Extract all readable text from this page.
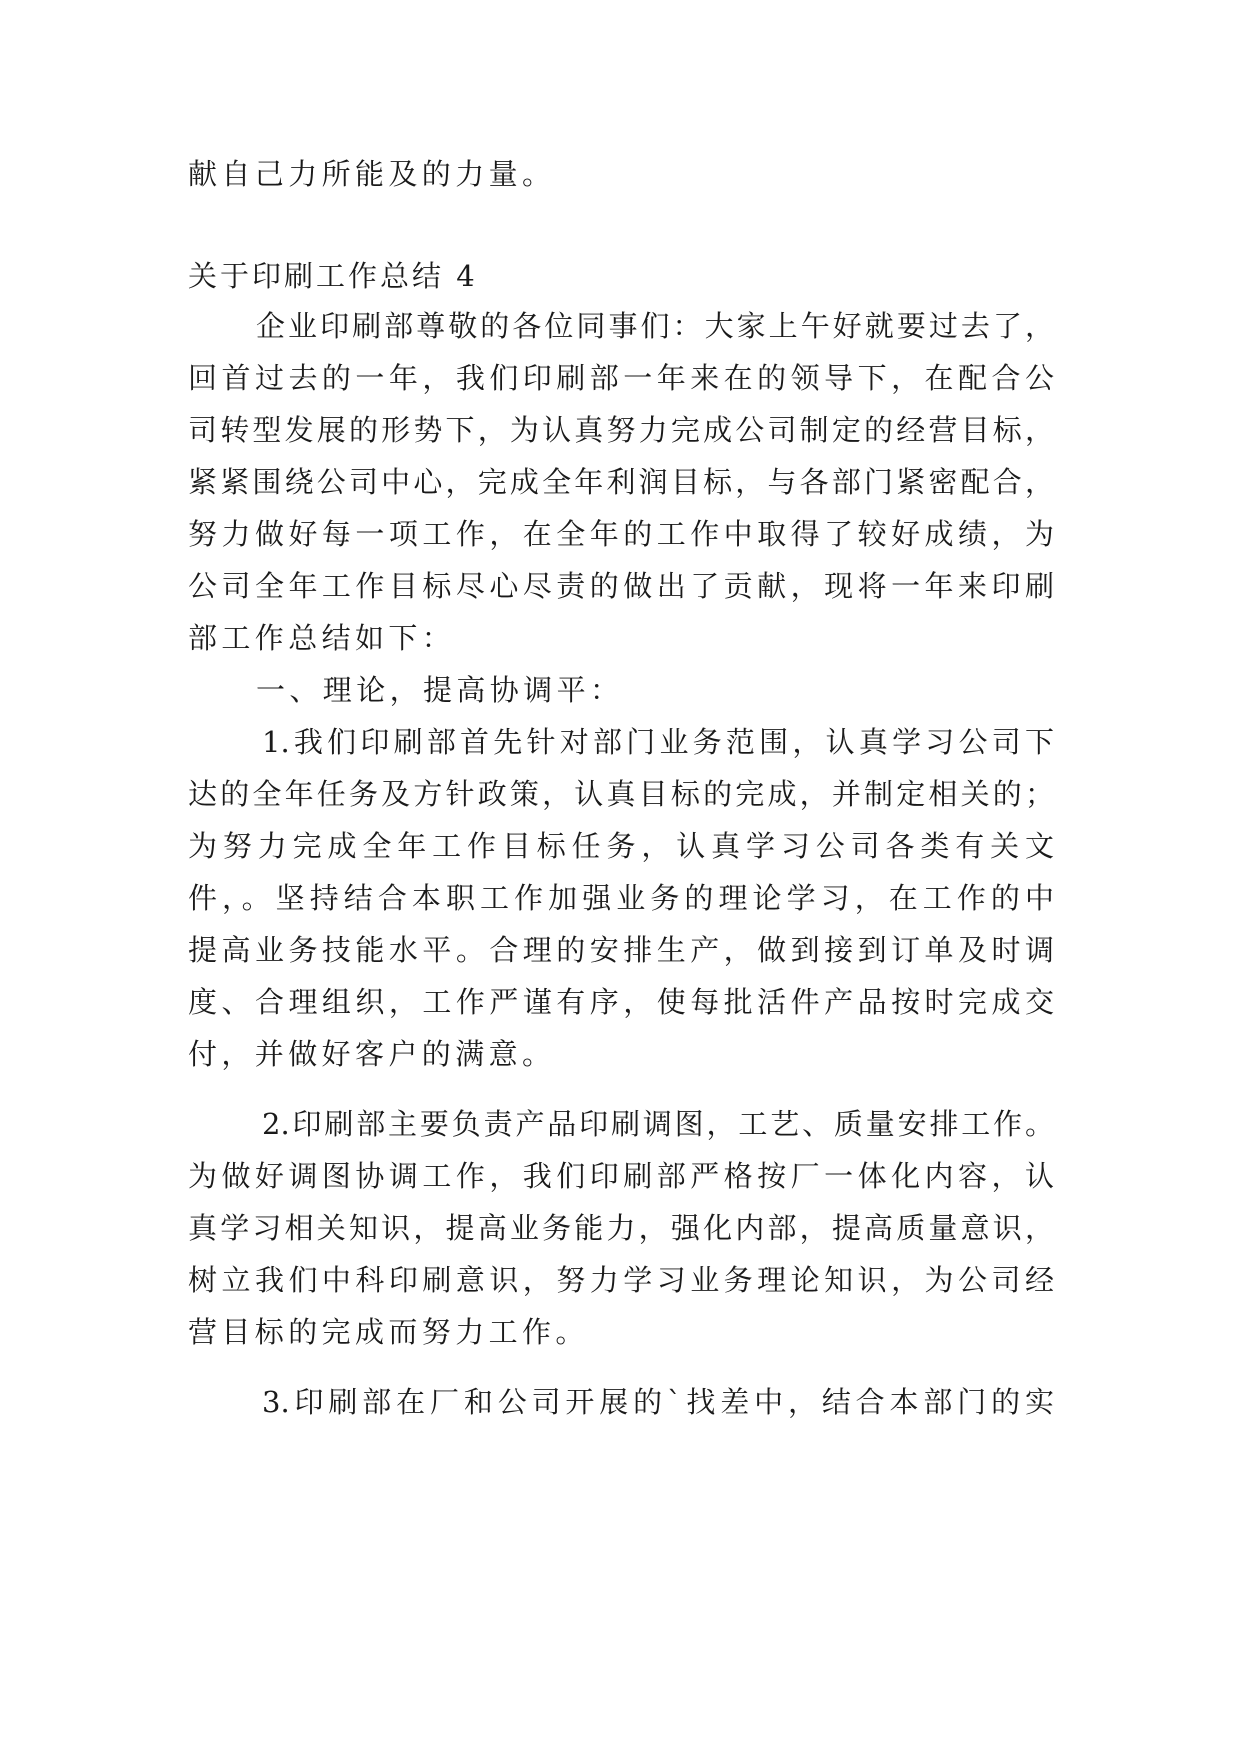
献自己力所能及的力量。

关于印刷工作总结 4

企业印刷部尊敬的各位同事们：大家上午好就要过去了，

回首过去的一年，我们印刷部一年来在的领导下，在配合公

司转型发展的形势下，为认真努力完成公司制定的经营目标，

紧紧围绕公司中心，完成全年利润目标，与各部门紧密配合，

努力做好每一项工作，在全年的工作中取得了较好成绩，为

公司全年工作目标尽心尽责的做出了贡献，现将一年来印刷

部工作总结如下：

一、理论，提高协调平：

1.我们印刷部首先针对部门业务范围，认真学习公司下

达的全年任务及方针政策，认真目标的完成，并制定相关的；

为努力完成全年工作目标任务，认真学习公司各类有关文

件，。坚持结合本职工作加强业务的理论学习，在工作的中

提高业务技能水平。合理的安排生产，做到接到订单及时调

度、合理组织，工作严谨有序，使每批活件产品按时完成交

付，并做好客户的满意。

2.印刷部主要负责产品印刷调图，工艺、质量安排工作。

为做好调图协调工作，我们印刷部严格按厂一体化内容，认

真学习相关知识，提高业务能力，强化内部，提高质量意识，

树立我们中科印刷意识，努力学习业务理论知识，为公司经

营目标的完成而努力工作。

3.印刷部在厂和公司开展的`找差中，结合本部门的实
